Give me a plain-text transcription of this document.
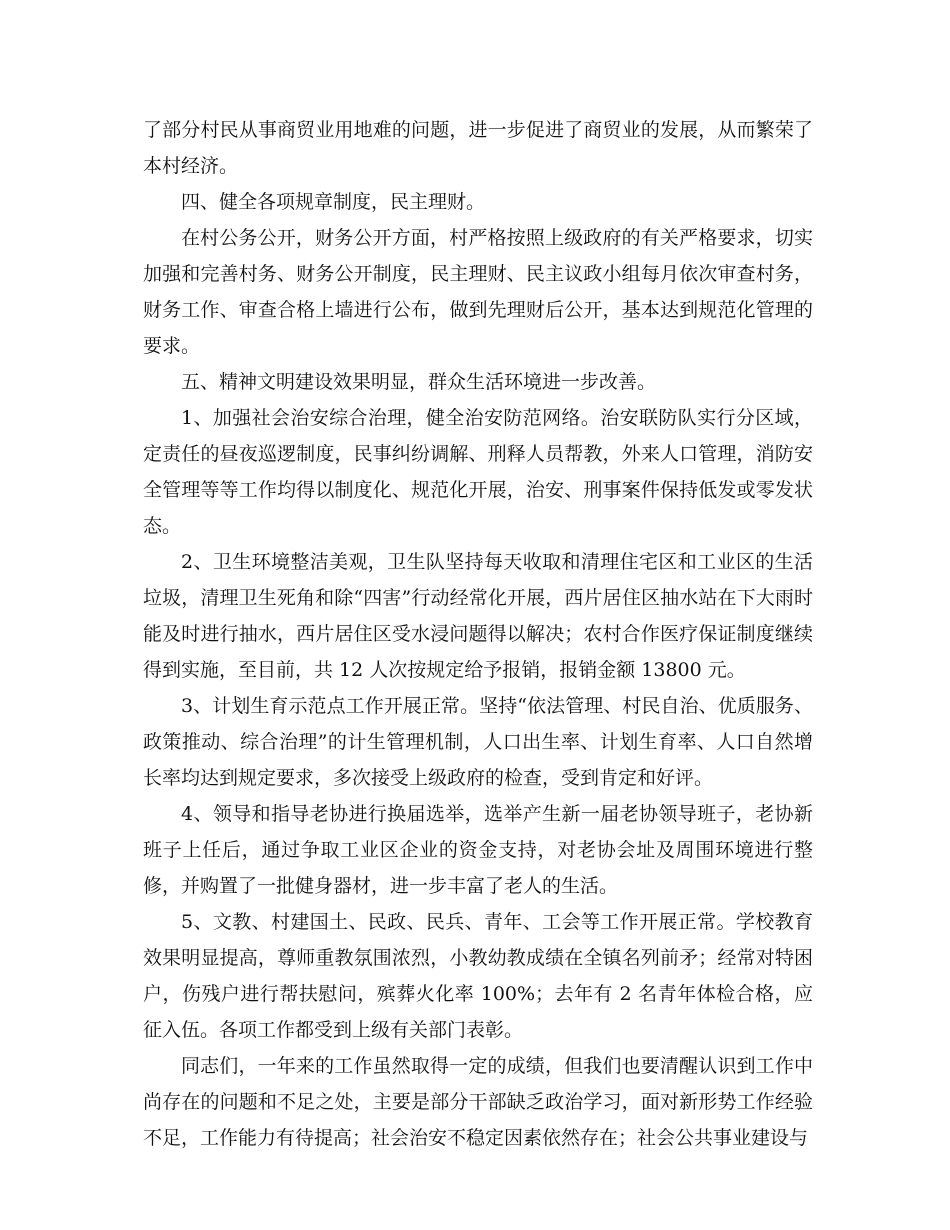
了部分村民从事商贸业用地难的问题，进一步促进了商贸业的发展，从而繁荣了本村经济。

四、健全各项规章制度，民主理财。

在村公务公开，财务公开方面，村严格按照上级政府的有关严格要求，切实加强和完善村务、财务公开制度，民主理财、民主议政小组每月依次审查村务，财务工作、审查合格上墙进行公布，做到先理财后公开，基本达到规范化管理的要求。

五、精神文明建设效果明显，群众生活环境进一步改善。

1、加强社会治安综合治理，健全治安防范网络。治安联防队实行分区域，定责任的昼夜巡逻制度，民事纠纷调解、刑释人员帮教，外来人口管理，消防安全管理等等工作均得以制度化、规范化开展，治安、刑事案件保持低发或零发状态。

2、卫生环境整洁美观，卫生队坚持每天收取和清理住宅区和工业区的生活垃圾，清理卫生死角和除“四害”行动经常化开展，西片居住区抽水站在下大雨时能及时进行抽水，西片居住区受水浸问题得以解决；农村合作医疗保证制度继续得到实施，至目前，共 12 人次按规定给予报销，报销金额 13800 元。

3、计划生育示范点工作开展正常。坚持“依法管理、村民自治、优质服务、政策推动、综合治理”的计生管理机制，人口出生率、计划生育率、人口自然增长率均达到规定要求，多次接受上级政府的检查，受到肯定和好评。

4、领导和指导老协进行换届选举，选举产生新一届老协领导班子，老协新班子上任后，通过争取工业区企业的资金支持，对老协会址及周围环境进行整修，并购置了一批健身器材，进一步丰富了老人的生活。

5、文教、村建国土、民政、民兵、青年、工会等工作开展正常。学校教育效果明显提高，尊师重教氛围浓烈，小教幼教成绩在全镇名列前矛；经常对特困户，伤残户进行帮扶慰问，殡葬火化率 100%；去年有 2 名青年体检合格，应征入伍。各项工作都受到上级有关部门表彰。

同志们，一年来的工作虽然取得一定的成绩，但我们也要清醒认识到工作中尚存在的问题和不足之处，主要是部分干部缺乏政治学习，面对新形势工作经验不足，工作能力有待提高；社会治安不稳定因素依然存在；社会公共事业建设与
